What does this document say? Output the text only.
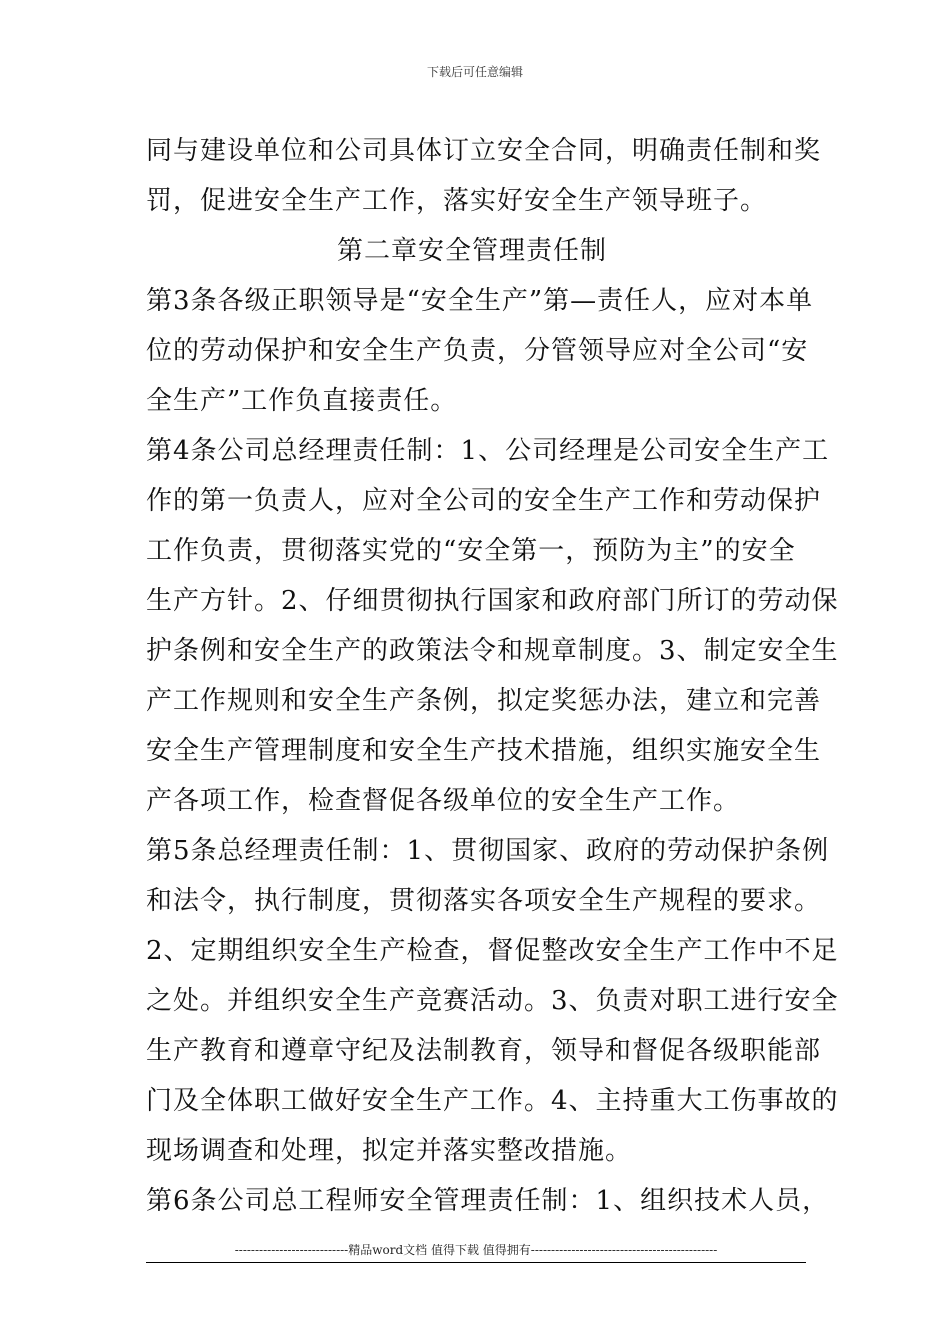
下载后可任意编辑
同与建设单位和公司具体订立安全合同，明确责任制和奖
罚，促进安全生产工作，落实好安全生产领导班子。
第二章安全管理责任制
第3条各级正职领导是“安全生产”第—责任人，应对本单
位的劳动保护和安全生产负责，分管领导应对全公司“安
全生产”工作负直接责任。
第4条公司总经理责任制：1、公司经理是公司安全生产工
作的第一负责人，应对全公司的安全生产工作和劳动保护
工作负责，贯彻落实党的“安全第一，预防为主”的安全
生产方针。2、仔细贯彻执行国家和政府部门所订的劳动保
护条例和安全生产的政策法令和规章制度。3、制定安全生
产工作规则和安全生产条例，拟定奖惩办法，建立和完善
安全生产管理制度和安全生产技术措施，组织实施安全生
产各项工作，检查督促各级单位的安全生产工作。
第5条总经理责任制：1、贯彻国家、政府的劳动保护条例
和法令，执行制度，贯彻落实各项安全生产规程的要求。
2、定期组织安全生产检查，督促整改安全生产工作中不足
之处。并组织安全生产竞赛活动。3、负责对职工进行安全
生产教育和遵章守纪及法制教育，领导和督促各级职能部
门及全体职工做好安全生产工作。4、主持重大工伤事故的
现场调查和处理，拟定并落实整改措施。
第6条公司总工程师安全管理责任制：1、组织技术人员，
----------------------------精品word文档 值得下载 值得拥有----------------------------------------------
